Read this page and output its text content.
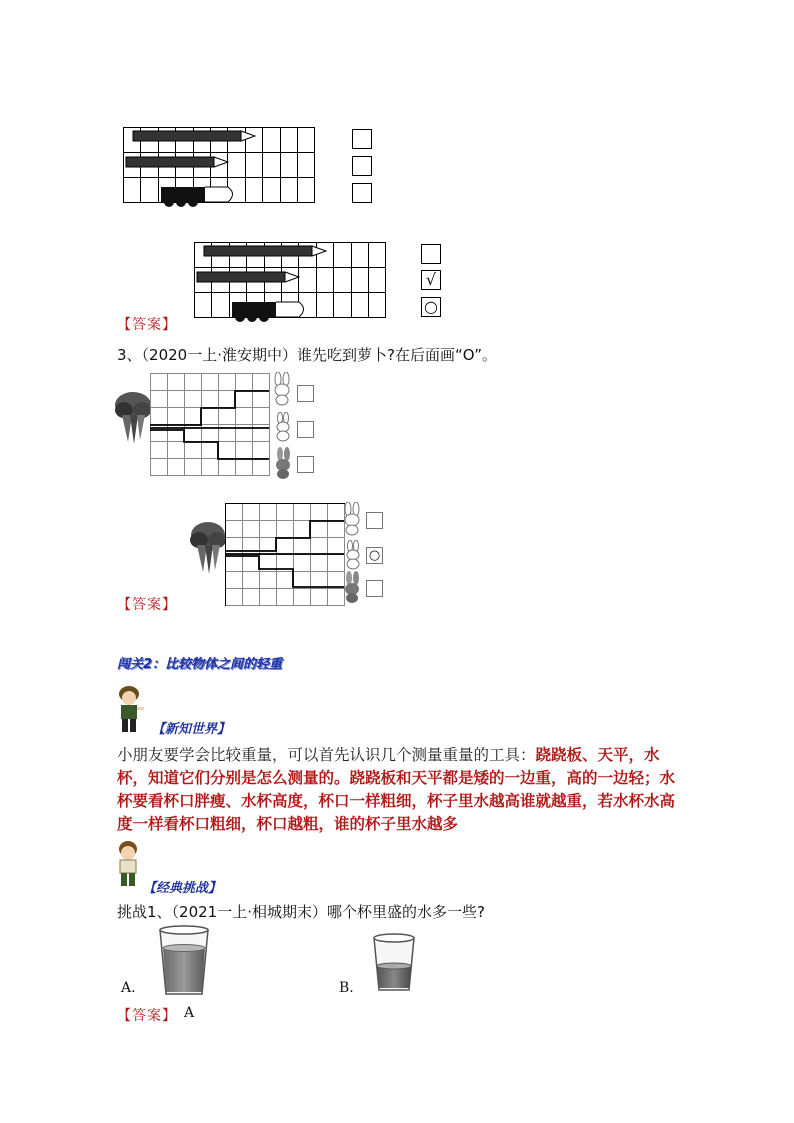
√
○
【答案】
3、（2020一上·淮安期中）谁先吃到萝卜?在后面画“O”。
○
【答案】
闯关2：比较物体之间的轻重
【新知世界】
小朋友要学会比较重量，可以首先认识几个测量重量的工具：跷跷板、天平，水杯，知道它们分别是怎么测量的。跷跷板和天平都是矮的一边重，高的一边轻；水杯要看杯口胖瘦、水杯高度，杯口一样粗细，杯子里水越高谁就越重，若水杯水高度一样看杯口粗细，杯口越粗，谁的杯子里水越多
【经典挑战】
挑战1、（2021一上·相城期末）哪个杯里盛的水多一些?
A.	B.
【答案】 A
